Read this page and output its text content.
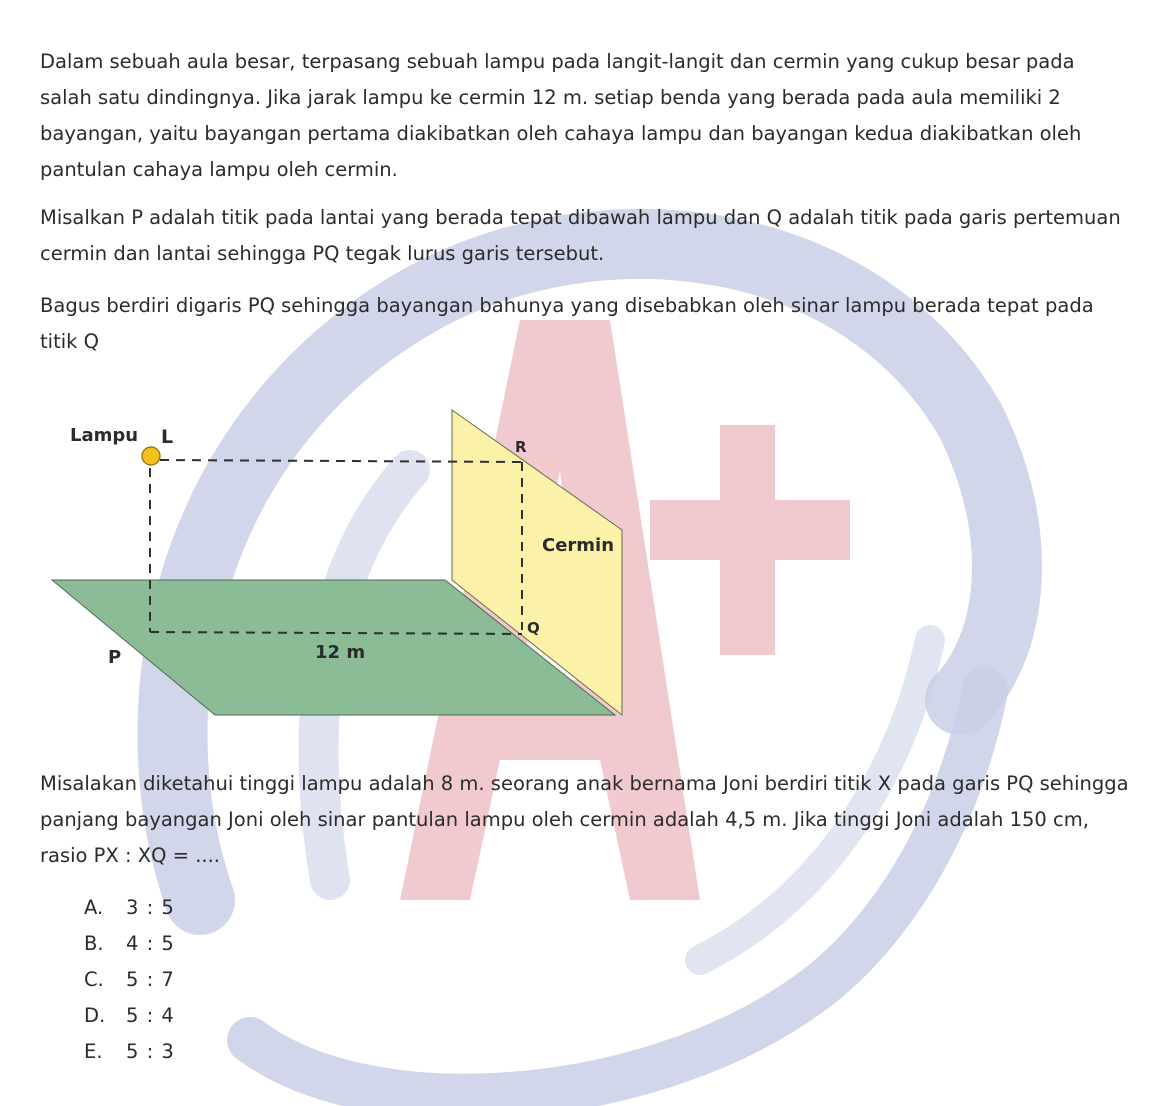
Dalam sebuah aula besar, terpasang sebuah lampu pada langit-langit dan cermin yang cukup besar pada salah satu dindingnya. Jika jarak lampu ke cermin 12 m. setiap benda yang berada pada aula memiliki 2 bayangan, yaitu bayangan pertama diakibatkan oleh cahaya lampu dan bayangan kedua diakibatkan oleh pantulan cahaya lampu oleh cermin.

Misalkan P adalah titik pada lantai yang berada tepat dibawah lampu dan Q adalah titik pada garis pertemuan cermin dan lantai sehingga PQ tegak lurus garis tersebut.

Bagus berdiri digaris PQ sehingga bayangan bahunya yang disebabkan oleh sinar lampu berada tepat pada titik Q

Lampu L	R
Cermin
Q
P	12 m

Misalakan diketahui tinggi lampu adalah 8 m. seorang anak bernama Joni berdiri titik X pada garis PQ sehingga panjang bayangan Joni oleh sinar pantulan lampu oleh cermin adalah 4,5 m. Jika tinggi Joni adalah 150 cm, rasio PX : XQ = ....

A.	3 : 5
B.	4 : 5
C.	5 : 7
D.	5 : 4
E.	5 : 3
